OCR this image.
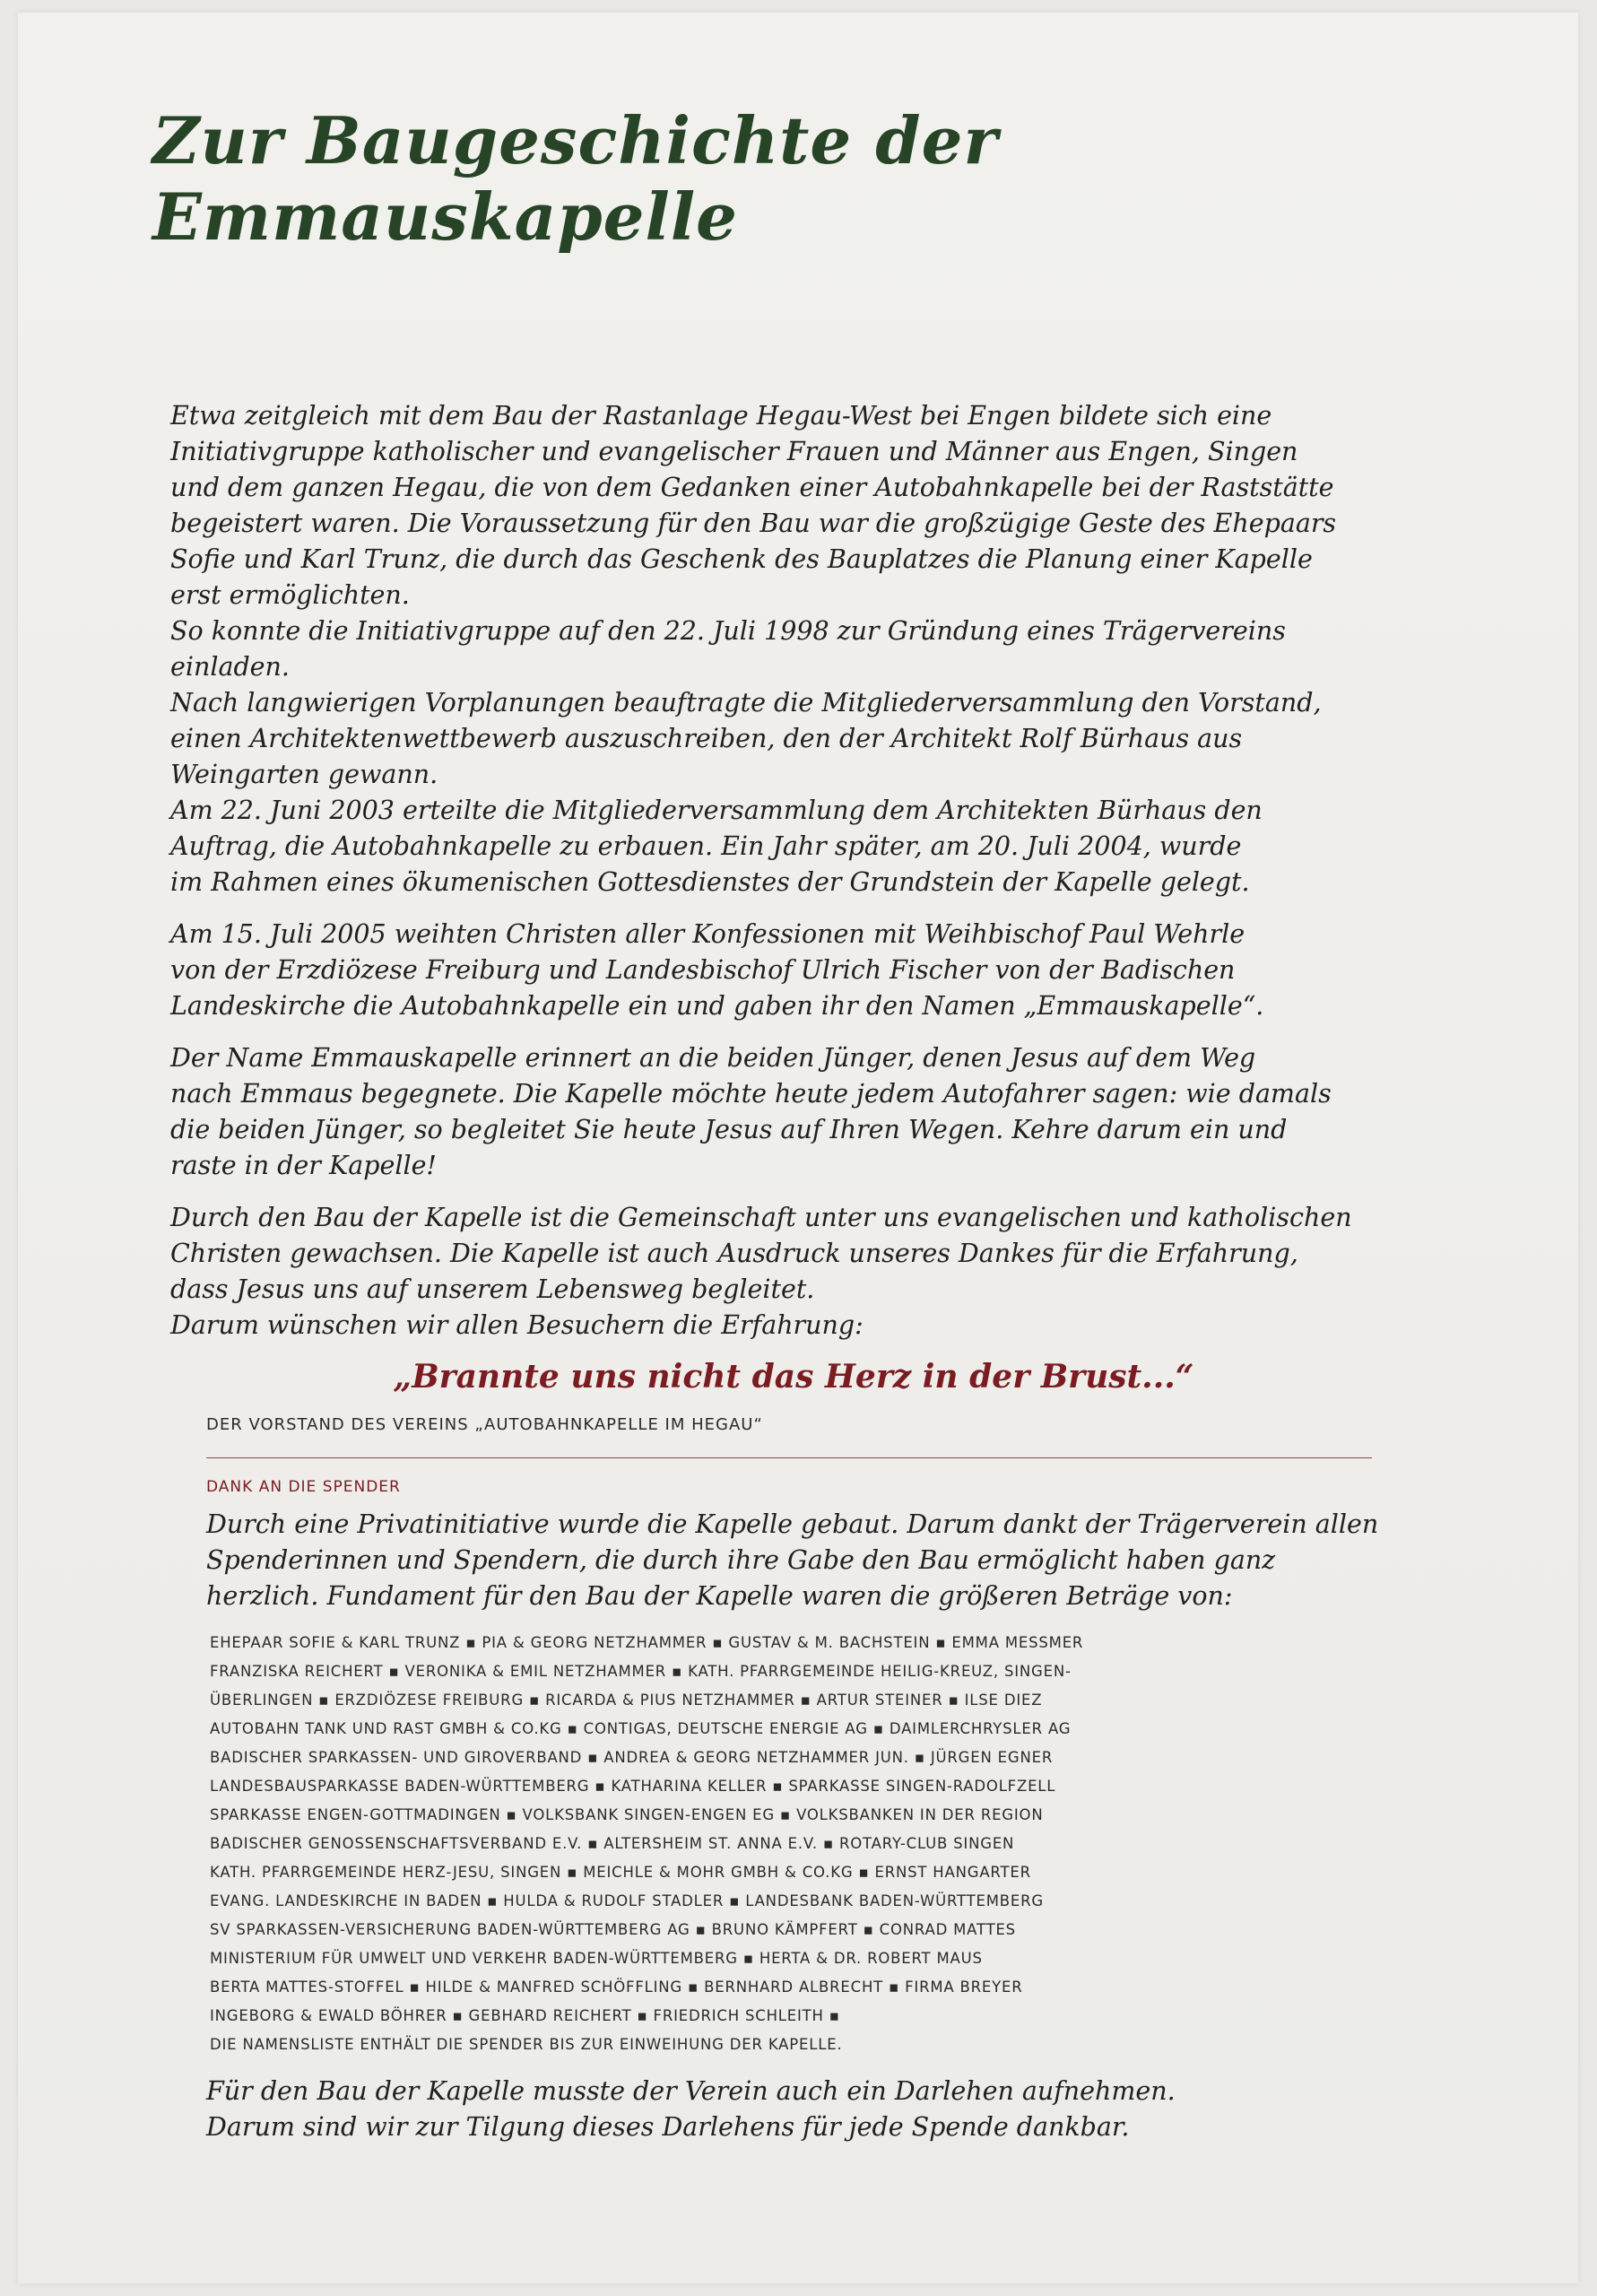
Zur Baugeschichte der Emmauskapelle

Etwa zeitgleich mit dem Bau der Rastanlage Hegau-West bei Engen bildete sich eine
Initiativgruppe katholischer und evangelischer Frauen und Männer aus Engen, Singen
und dem ganzen Hegau, die von dem Gedanken einer Autobahnkapelle bei der Raststätte
begeistert waren. Die Voraussetzung für den Bau war die großzügige Geste des Ehepaars
Sofie und Karl Trunz, die durch das Geschenk des Bauplatzes die Planung einer Kapelle
erst ermöglichten.
So konnte die Initiativgruppe auf den 22. Juli 1998 zur Gründung eines Trägervereins
einladen.
Nach langwierigen Vorplanungen beauftragte die Mitgliederversammlung den Vorstand,
einen Architektenwettbewerb auszuschreiben, den der Architekt Rolf Bürhaus aus
Weingarten gewann.
Am 22. Juni 2003 erteilte die Mitgliederversammlung dem Architekten Bürhaus den
Auftrag, die Autobahnkapelle zu erbauen. Ein Jahr später, am 20. Juli 2004, wurde
im Rahmen eines ökumenischen Gottesdienstes der Grundstein der Kapelle gelegt.

Am 15. Juli 2005 weihten Christen aller Konfessionen mit Weihbischof Paul Wehrle
von der Erzdiözese Freiburg und Landesbischof Ulrich Fischer von der Badischen
Landeskirche die Autobahnkapelle ein und gaben ihr den Namen „Emmauskapelle“.

Der Name Emmauskapelle erinnert an die beiden Jünger, denen Jesus auf dem Weg
nach Emmaus begegnete. Die Kapelle möchte heute jedem Autofahrer sagen: wie damals
die beiden Jünger, so begleitet Sie heute Jesus auf Ihren Wegen. Kehre darum ein und
raste in der Kapelle!

Durch den Bau der Kapelle ist die Gemeinschaft unter uns evangelischen und katholischen
Christen gewachsen. Die Kapelle ist auch Ausdruck unseres Dankes für die Erfahrung,
dass Jesus uns auf unserem Lebensweg begleitet.
Darum wünschen wir allen Besuchern die Erfahrung:

„Brannte uns nicht das Herz in der Brust...“
DER VORSTAND DES VEREINS „AUTOBAHNKAPELLE IM HEGAU“
DANK AN DIE SPENDER

Durch eine Privatinitiative wurde die Kapelle gebaut. Darum dankt der Trägerverein allen
Spenderinnen und Spendern, die durch ihre Gabe den Bau ermöglicht haben ganz
herzlich. Fundament für den Bau der Kapelle waren die größeren Beträge von:

EHEPAAR SOFIE & KARL TRUNZ ▪ PIA & GEORG NETZHAMMER ▪ GUSTAV & M. BACHSTEIN ▪ EMMA MESSMER
FRANZISKA REICHERT ▪ VERONIKA & EMIL NETZHAMMER ▪ KATH. PFARRGEMEINDE HEILIG-KREUZ, SINGEN-
ÜBERLINGEN ▪ ERZDIÖZESE FREIBURG ▪ RICARDA & PIUS NETZHAMMER ▪ ARTUR STEINER ▪ ILSE DIEZ
AUTOBAHN TANK UND RAST GMBH & CO.KG ▪ CONTIGAS, DEUTSCHE ENERGIE AG ▪ DAIMLERCHRYSLER AG
BADISCHER SPARKASSEN- UND GIROVERBAND ▪ ANDREA & GEORG NETZHAMMER JUN. ▪ JÜRGEN EGNER
LANDESBAUSPARKASSE BADEN-WÜRTTEMBERG ▪ KATHARINA KELLER ▪ SPARKASSE SINGEN-RADOLFZELL
SPARKASSE ENGEN-GOTTMADINGEN ▪ VOLKSBANK SINGEN-ENGEN EG ▪ VOLKSBANKEN IN DER REGION
BADISCHER GENOSSENSCHAFTSVERBAND E.V. ▪ ALTERSHEIM ST. ANNA E.V. ▪ ROTARY-CLUB SINGEN
KATH. PFARRGEMEINDE HERZ-JESU, SINGEN ▪ MEICHLE & MOHR GMBH & CO.KG ▪ ERNST HANGARTER
EVANG. LANDESKIRCHE IN BADEN ▪ HULDA & RUDOLF STADLER ▪ LANDESBANK BADEN-WÜRTTEMBERG
SV SPARKASSEN-VERSICHERUNG BADEN-WÜRTTEMBERG AG ▪ BRUNO KÄMPFERT ▪ CONRAD MATTES
MINISTERIUM FÜR UMWELT UND VERKEHR BADEN-WÜRTTEMBERG ▪ HERTA & DR. ROBERT MAUS
BERTA MATTES-STOFFEL ▪ HILDE & MANFRED SCHÖFFLING ▪ BERNHARD ALBRECHT ▪ FIRMA BREYER
INGEBORG & EWALD BÖHRER ▪ GEBHARD REICHERT ▪ FRIEDRICH SCHLEITH ▪
DIE NAMENSLISTE ENTHÄLT DIE SPENDER BIS ZUR EINWEIHUNG DER KAPELLE.

Für den Bau der Kapelle musste der Verein auch ein Darlehen aufnehmen.
Darum sind wir zur Tilgung dieses Darlehens für jede Spende dankbar.
